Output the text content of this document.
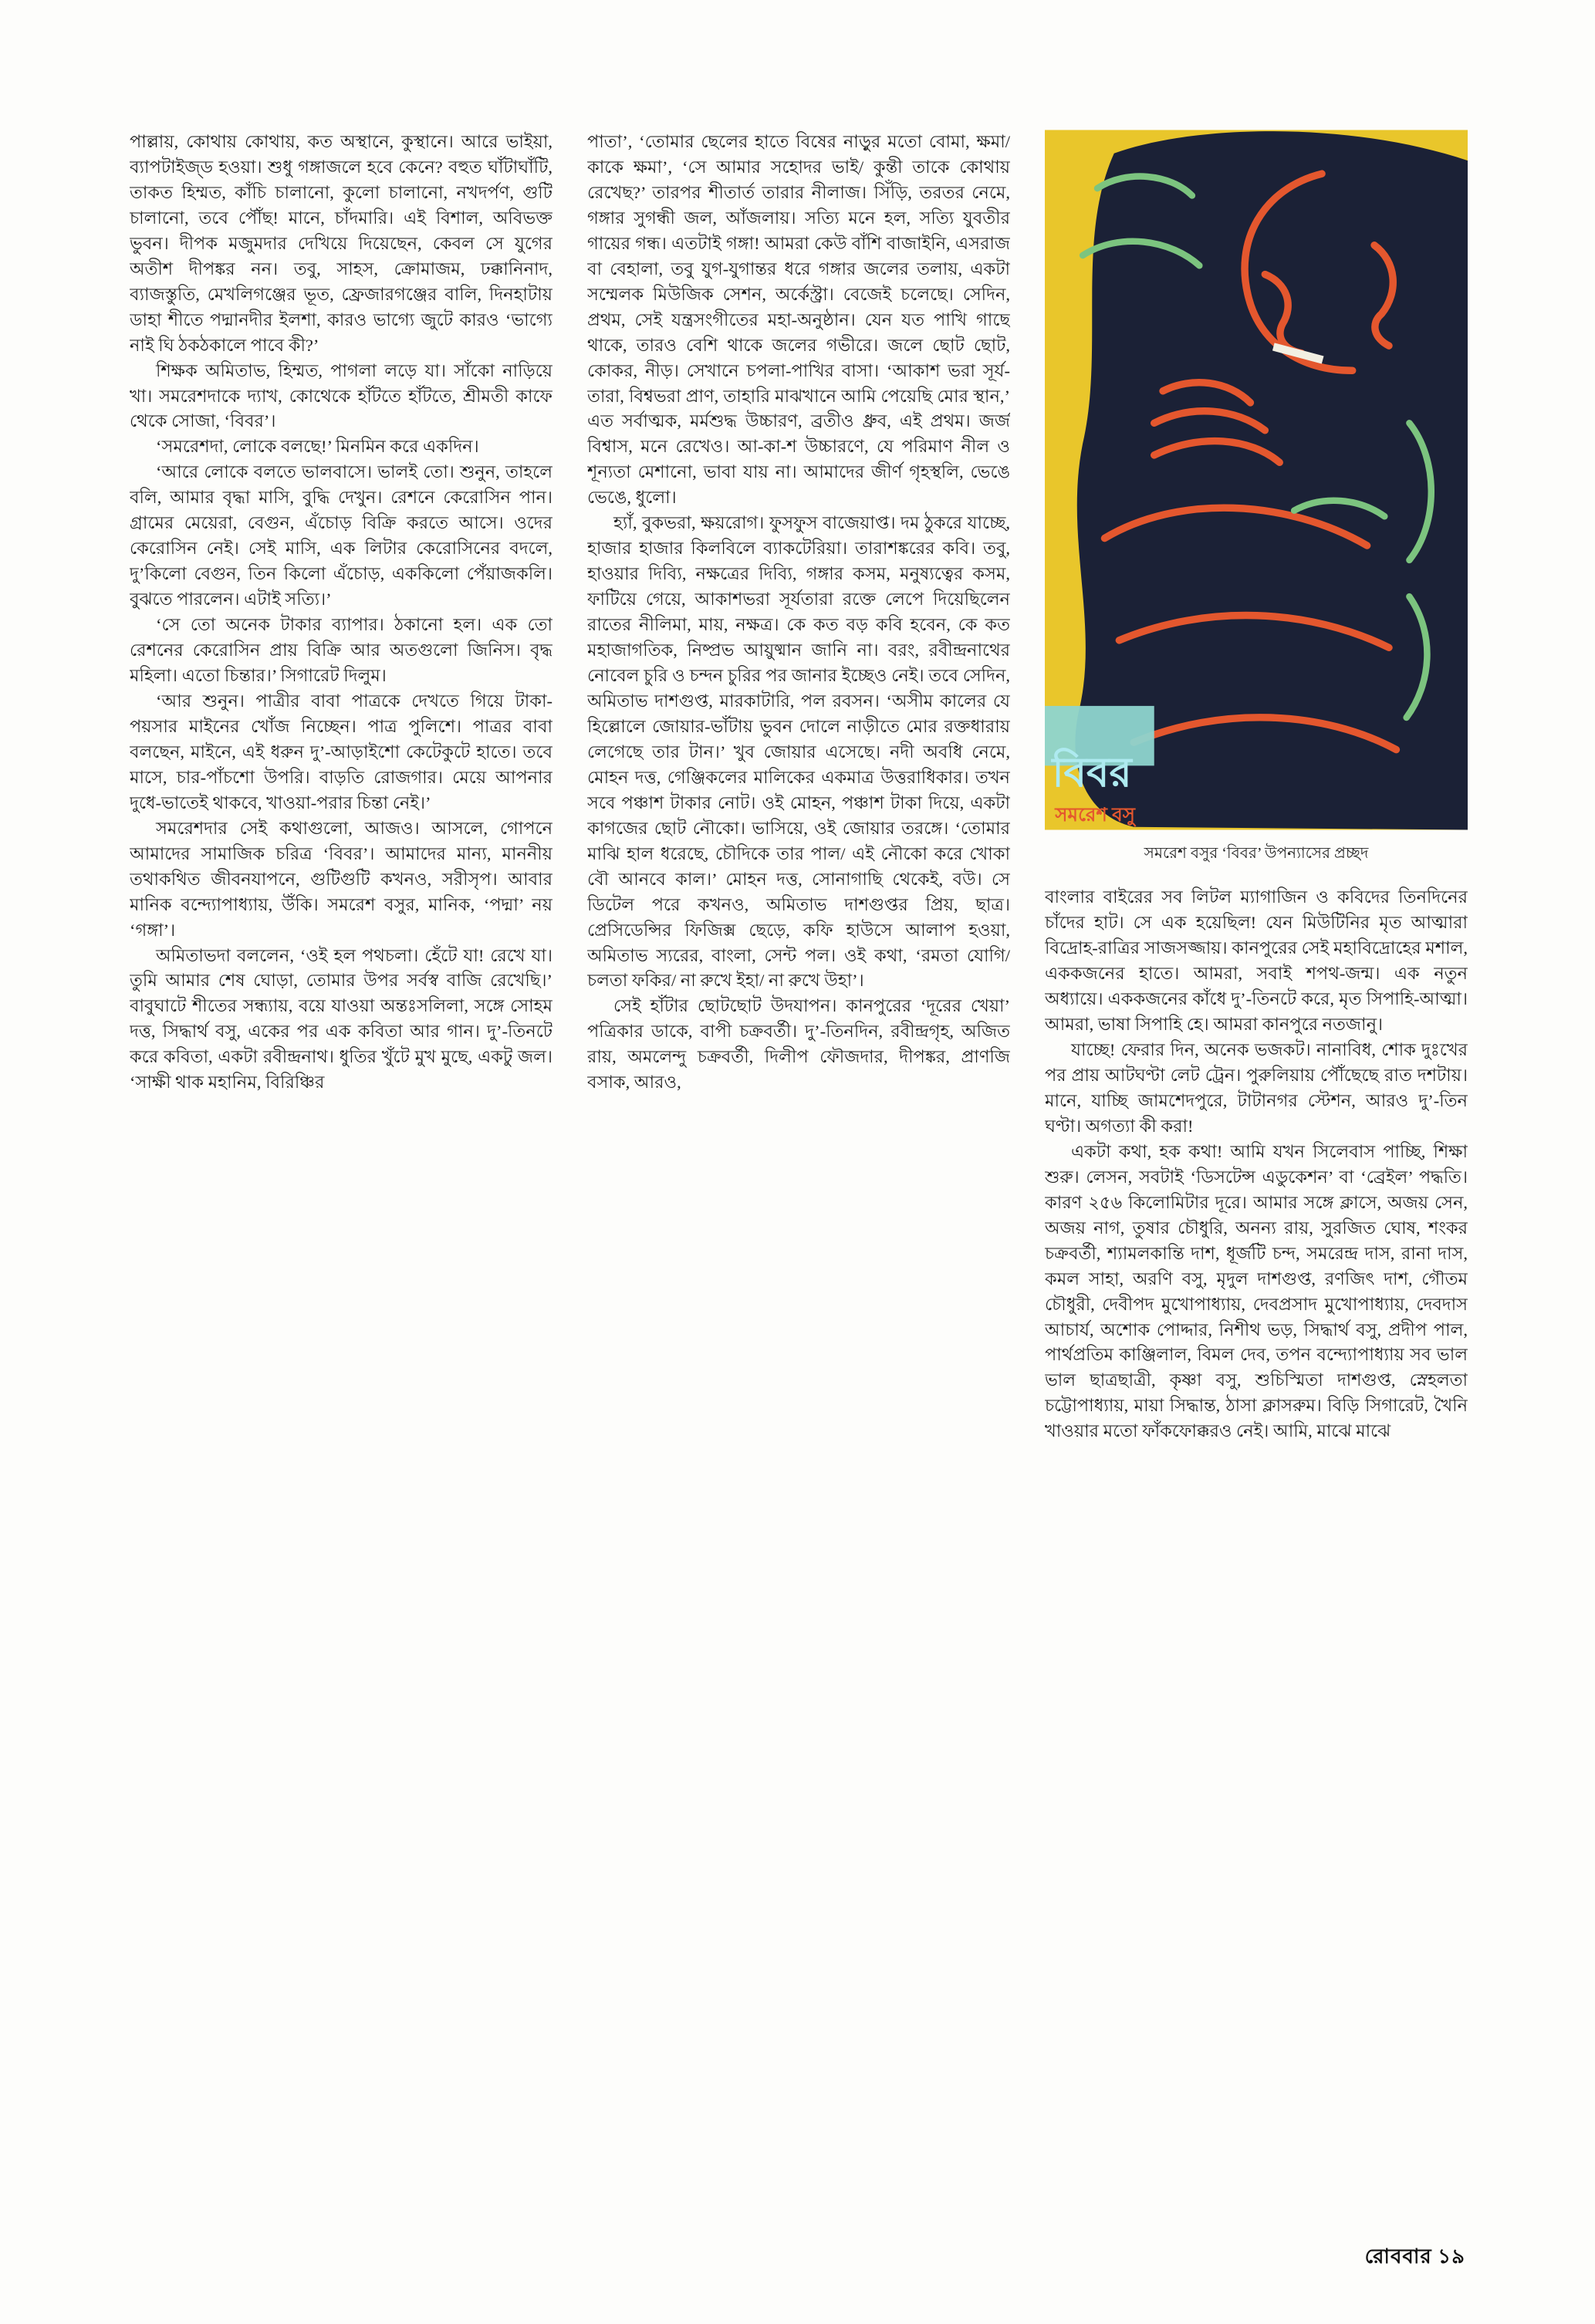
পাল্লায়, কোথায় কোথায়, কত অস্থানে, কুস্থানে। আরে ভাইয়া, ব্যাপটাইজ্‌ড হওয়া। শুধু গঙ্গাজলে হবে কেনে? বহুত ঘাঁটাঘাঁটি, তাকত হিম্মত, কাঁচি চালানো, কুলো চালানো, নখদর্পণ, গুটি চালানো, তবে পৌঁছ! মানে, চাঁদমারি। এই বিশাল, অবিভক্ত ভুবন। দীপক মজুমদার দেখিয়ে দিয়েছেন, কেবল সে যুগের অতীশ দীপঙ্কর নন। তবু, সাহস, ক্রোমাজম, ঢক্কানিনাদ, ব্যাজস্তুতি, মেখলিগঞ্জের ভূত, ফ্রেজারগঞ্জের বালি, দিনহাটায় ডাহা শীতে পদ্মানদীর ইলশা, কারও ভাগ্যে জুটে কারও ‘ভাগ্যে নাই ঘি ঠকঠকালে পাবে কী?’

শিক্ষক অমিতাভ, হিম্মত, পাগলা লড়ে যা। সাঁকো নাড়িয়ে খা। সমরেশদাকে দ্যাখ, কোথেকে হাঁটতে হাঁটতে, শ্রীমতী কাফে থেকে সোজা, ‘বিবর’।

‘সমরেশদা, লোকে বলছে!’ মিনমিন করে একদিন।

‘আরে লোকে বলতে ভালবাসে। ভালই তো। শুনুন, তাহলে বলি, আমার বৃদ্ধা মাসি, বুদ্ধি দেখুন। রেশনে কেরোসিন পান। গ্রামের মেয়েরা, বেগুন, এঁচোড় বিক্রি করতে আসে। ওদের কেরোসিন নেই। সেই মাসি, এক লিটার কেরোসিনের বদলে, দু’কিলো বেগুন, তিন কিলো এঁচোড়, এককিলো পেঁয়াজকলি। বুঝতে পারলেন। এটাই সত্যি।’

‘সে তো অনেক টাকার ব্যাপার। ঠকানো হল। এক তো রেশনের কেরোসিন প্রায় বিক্রি আর অতগুলো জিনিস। বৃদ্ধ মহিলা। এতো চিন্তার।’ সিগারেট দিলুম।

‘আর শুনুন। পাত্রীর বাবা পাত্রকে দেখতে গিয়ে টাকা-পয়সার মাইনের খোঁজ নিচ্ছেন। পাত্র পুলিশে। পাত্রর বাবা বলছেন, মাইনে, এই ধরুন দু’-আড়াইশো কেটেকুটে হাতে। তবে মাসে, চার-পাঁচশো উপরি। বাড়তি রোজগার। মেয়ে আপনার দুধে-ভাতেই থাকবে, খাওয়া-পরার চিন্তা নেই।’

সমরেশদার সেই কথাগুলো, আজও। আসলে, গোপনে আমাদের সামাজিক চরিত্র ‘বিবর’। আমাদের মান্য, মাননীয় তথাকথিত জীবনযাপনে, গুটিগুটি কখনও, সরীসৃপ। আবার মানিক বন্দ্যোপাধ্যায়, উঁকি। সমরেশ বসুর, মানিক, ‘পদ্মা’ নয় ‘গঙ্গা’।

অমিতাভদা বললেন, ‘ওই হল পথচলা। হেঁটে যা! রেখে যা। তুমি আমার শেষ ঘোড়া, তোমার উপর সর্বস্ব বাজি রেখেছি।’ বাবুঘাটে শীতের সন্ধ্যায়, বয়ে যাওয়া অন্তঃসলিলা, সঙ্গে সোহম দত্ত, সিদ্ধার্থ বসু, একের পর এক কবিতা আর গান। দু’-তিনটে করে কবিতা, একটা রবীন্দ্রনাথ। ধুতির খুঁটে মুখ মুছে, একটু জল। ‘সাক্ষী থাক মহানিম, বিরিঞ্চির

পাতা’, ‘তোমার ছেলের হাতে বিষের নাড়ুর মতো বোমা, ক্ষমা/ কাকে ক্ষমা’, ‘সে আমার সহোদর ভাই/ কুন্তী তাকে কোথায় রেখেছ?’ তারপর শীতার্ত তারার নীলাজ। সিঁড়ি, তরতর নেমে, গঙ্গার সুগন্ধী জল, আঁজলায়। সত্যি মনে হল, সত্যি যুবতীর গায়ের গন্ধ। এতটাই গঙ্গা! আমরা কেউ বাঁশি বাজাইনি, এসরাজ বা বেহালা, তবু যুগ-যুগান্তর ধরে গঙ্গার জলের তলায়, একটা সম্মেলক মিউজিক সেশন, অর্কেস্ট্রা। বেজেই চলেছে। সেদিন, প্রথম, সেই যন্ত্রসংগীতের মহা-অনুষ্ঠান। যেন যত পাখি গাছে থাকে, তারও বেশি থাকে জলের গভীরে। জলে ছোট ছোট, কোকর, নীড়। সেখানে চপলা-পাখির বাসা। ‘আকাশ ভরা সূর্য-তারা, বিশ্বভরা প্রাণ, তাহারি মাঝখানে আমি পেয়েছি মোর স্থান,’ এত সর্বাত্মক, মর্মশুদ্ধ উচ্চারণ, ব্রতীও ধ্রুব, এই প্রথম। জর্জ বিশ্বাস, মনে রেখেও। আ-কা-শ উচ্চারণে, যে পরিমাণ নীল ও শূন্যতা মেশানো, ভাবা যায় না। আমাদের জীর্ণ গৃহস্থলি, ভেঙে ভেঙে, ধুলো।

হ্যাঁ, বুকভরা, ক্ষয়রোগ। ফুসফুস বাজেয়াপ্ত। দম ঠুকরে যাচ্ছে, হাজার হাজার কিলবিলে ব্যাকটেরিয়া। তারাশঙ্করের কবি। তবু, হাওয়ার দিব্যি, নক্ষত্রের দিব্যি, গঙ্গার কসম, মনুষ্যত্বের কসম, ফাটিয়ে গেয়ে, আকাশভরা সূর্যতারা রক্তে লেপে দিয়েছিলেন রাতের নীলিমা, মায়, নক্ষত্র। কে কত বড় কবি হবেন, কে কত মহাজাগতিক, নিষ্প্রভ আয়ুষ্মান জানি না। বরং, রবীন্দ্রনাথের নোবেল চুরি ও চন্দন চুরির পর জানার ইচ্ছেও নেই। তবে সেদিন, অমিতাভ দাশগুপ্ত, মারকাটারি, পল রবসন। ‘অসীম কালের যে হিল্লোলে জোয়ার-ভাঁটায় ভুবন দোলে নাড়ীতে মোর রক্তধারায় লেগেছে তার টান।’ খুব জোয়ার এসেছে। নদী অবধি নেমে, মোহন দত্ত, গেঞ্জিকলের মালিকের একমাত্র উত্তরাধিকার। তখন সবে পঞ্চাশ টাকার নোট। ওই মোহন, পঞ্চাশ টাকা দিয়ে, একটা কাগজের ছোট নৌকো। ভাসিয়ে, ওই জোয়ার তরঙ্গে। ‘তোমার মাঝি হাল ধরেছে, চৌদিকে তার পাল/ এই নৌকো করে খোকা বৌ আনবে কাল।’ মোহন দত্ত, সোনাগাছি থেকেই, বউ। সে ডিটেল পরে কখনও, অমিতাভ দাশগুপ্তর প্রিয়, ছাত্র। প্রেসিডেন্সির ফিজিক্স ছেড়ে, কফি হাউসে আলাপ হওয়া, অমিতাভ স্যরের, বাংলা, সেন্ট পল। ওই কথা, ‘রমতা যোগি/ চলতা ফকির/ না রুখে ইহা/ না রুখে উহা’।

সেই হাঁটার ছোটছোট উদযাপন। কানপুরের ‘দূরের খেয়া’ পত্রিকার ডাকে, বাপী চক্রবর্তী। দু’-তিনদিন, রবীন্দ্রগৃহ, অজিত রায়, অমলেন্দু চক্রবর্তী, দিলীপ ফৌজদার, দীপঙ্কর, প্রাণজি বসাক, আরও,

বিবর
সমরেশ বসু
সমরেশ বসুর ‘বিবর’ উপন্যাসের প্রচ্ছদ

বাংলার বাইরের সব লিটল ম্যাগাজিন ও কবিদের তিনদিনের চাঁদের হাট। সে এক হয়েছিল! যেন মিউটিনির মৃত আত্মারা বিদ্রোহ-রাত্রির সাজসজ্জায়। কানপুরের সেই মহাবিদ্রোহের মশাল, এককজনের হাতে। আমরা, সবাই শপথ-জন্ম। এক নতুন অধ্যায়ে। এককজনের কাঁধে দু’-তিনটে করে, মৃত সিপাহি-আত্মা। আমরা, ভাষা সিপাহি হে। আমরা কানপুরে নতজানু।

যাচ্ছে! ফেরার দিন, অনেক ভজকট। নানাবিধ, শোক দুঃখের পর প্রায় আটঘণ্টা লেট ট্রেন। পুরুলিয়ায় পৌঁছেছে রাত দশটায়। মানে, যাচ্ছি জামশেদপুরে, টাটানগর স্টেশন, আরও দু’-তিন ঘণ্টা। অগত্যা কী করা!

একটা কথা, হক কথা! আমি যখন সিলেবাস পাচ্ছি, শিক্ষা শুরু। লেসন, সবটাই ‘ডিসটেন্স এডুকেশন’ বা ‘ব্রেইল’ পদ্ধতি। কারণ ২৫৬ কিলোমিটার দূরে। আমার সঙ্গে ক্লাসে, অজয় সেন, অজয় নাগ, তুষার চৌধুরি, অনন্য রায়, সুরজিত ঘোষ, শংকর চক্রবর্তী, শ্যামলকান্তি দাশ, ধূর্জটি চন্দ, সমরেন্দ্র দাস, রানা দাস, কমল সাহা, অরণি বসু, মৃদুল দাশগুপ্ত, রণজিৎ দাশ, গৌতম চৌধুরী, দেবীপদ মুখোপাধ্যায়, দেবপ্রসাদ মুখোপাধ্যায়, দেবদাস আচার্য, অশোক পোদ্দার, নিশীথ ভড়, সিদ্ধার্থ বসু, প্রদীপ পাল, পার্থপ্রতিম কাঞ্জিলাল, বিমল দেব, তপন বন্দ্যোপাধ্যায় সব ভাল ভাল ছাত্রছাত্রী, কৃষ্ণা বসু, শুচিস্মিতা দাশগুপ্ত, স্নেহলতা চট্টোপাধ্যায়, মায়া সিদ্ধান্ত, ঠাসা ক্লাসরুম। বিড়ি সিগারেট, খৈনি খাওয়ার মতো ফাঁকফোক্করও নেই। আমি, মাঝে মাঝে

রোববার ১৯
